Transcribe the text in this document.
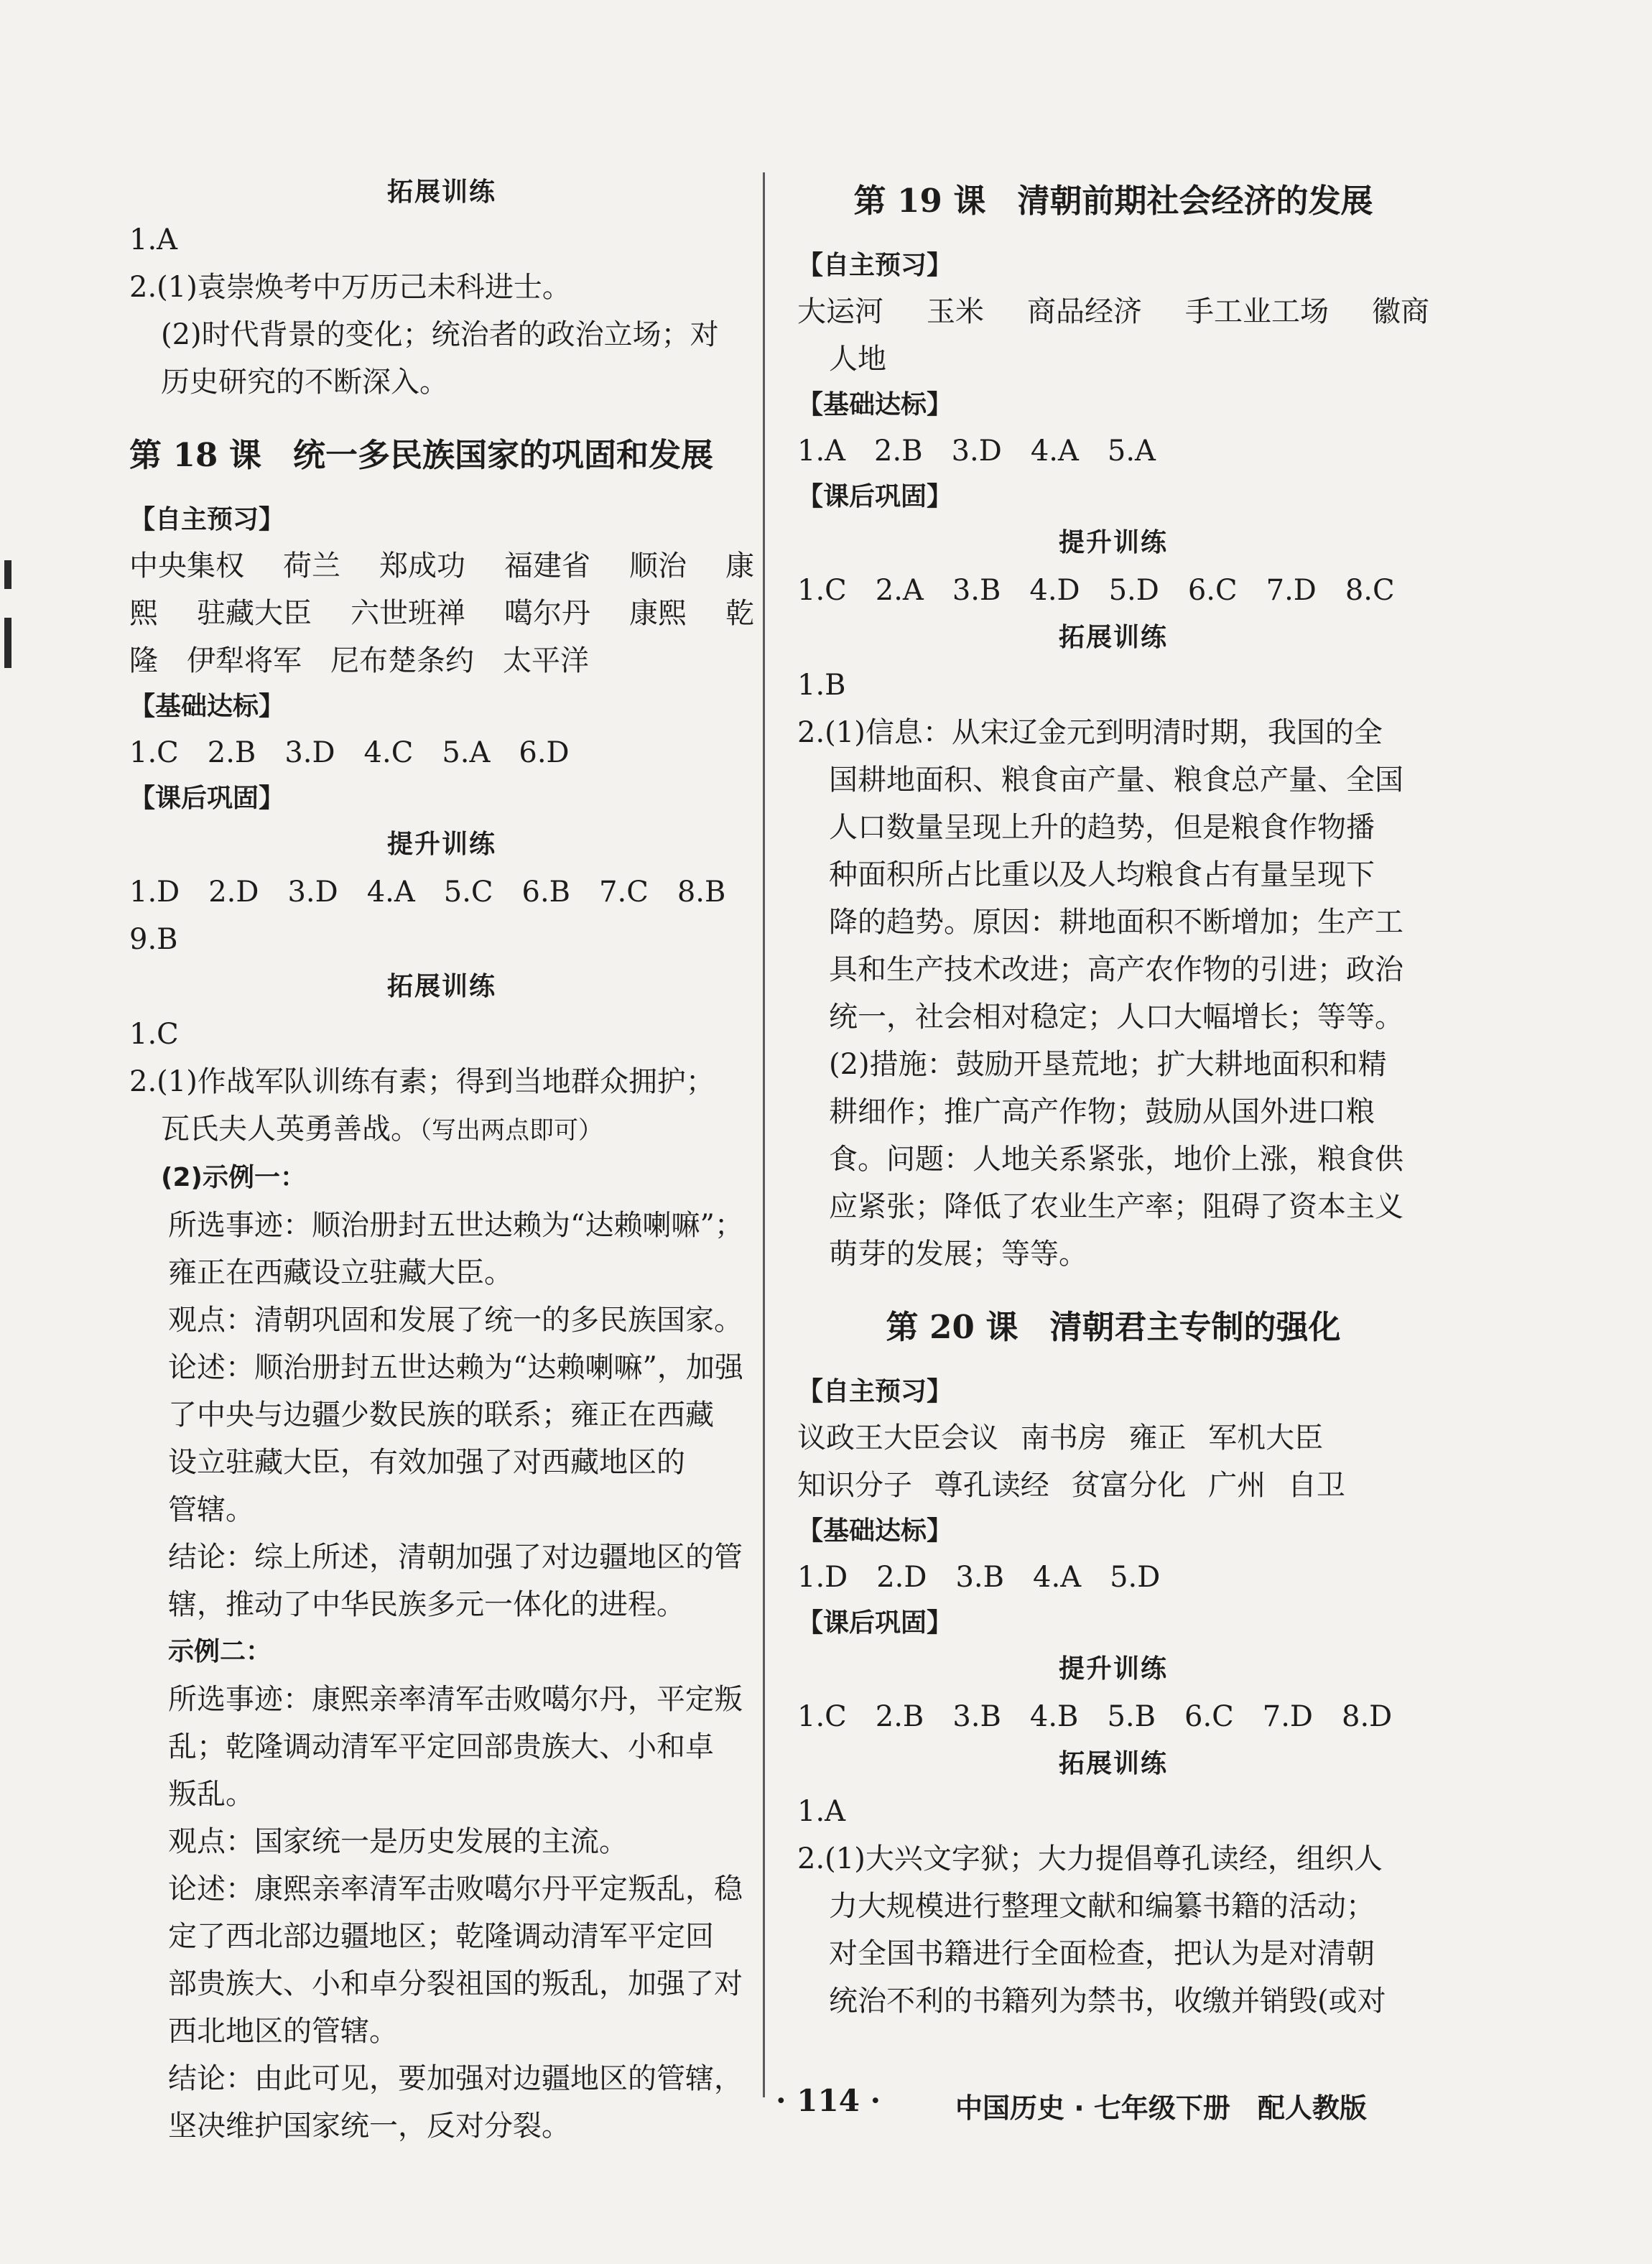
拓展训练
1.A
2.(1)袁崇焕考中万历己未科进士。
(2)时代背景的变化；统治者的政治立场；对
历史研究的不断深入。
第 18 课 统一多民族国家的巩固和发展
【自主预习】
中央集权 荷兰 郑成功 福建省 顺治 康
熙 驻藏大臣 六世班禅 噶尔丹 康熙 乾
隆　伊犁将军　尼布楚条约　太平洋
【基础达标】
1.C　2.B　3.D　4.C　5.A　6.D
【课后巩固】
提升训练
1.D　2.D　3.D　4.A　5.C　6.B　7.C　8.B
9.B
拓展训练
1.C
2.(1)作战军队训练有素；得到当地群众拥护；
瓦氏夫人英勇善战。（写出两点即可）
(2)示例一：
所选事迹：顺治册封五世达赖为“达赖喇嘛”；
雍正在西藏设立驻藏大臣。
观点：清朝巩固和发展了统一的多民族国家。
论述：顺治册封五世达赖为“达赖喇嘛”，加强
了中央与边疆少数民族的联系；雍正在西藏
设立驻藏大臣，有效加强了对西藏地区的
管辖。
结论：综上所述，清朝加强了对边疆地区的管
辖，推动了中华民族多元一体化的进程。
示例二：
所选事迹：康熙亲率清军击败噶尔丹，平定叛
乱；乾隆调动清军平定回部贵族大、小和卓
叛乱。
观点：国家统一是历史发展的主流。
论述：康熙亲率清军击败噶尔丹平定叛乱，稳
定了西北部边疆地区；乾隆调动清军平定回
部贵族大、小和卓分裂祖国的叛乱，加强了对
西北地区的管辖。
结论：由此可见，要加强对边疆地区的管辖，
坚决维护国家统一，反对分裂。
第 19 课 清朝前期社会经济的发展
【自主预习】
大运河 玉米 商品经济 手工业工场 徽商
人地
【基础达标】
1.A　2.B　3.D　4.A　5.A
【课后巩固】
提升训练
1.C　2.A　3.B　4.D　5.D　6.C　7.D　8.C
拓展训练
1.B
2.(1)信息：从宋辽金元到明清时期，我国的全
国耕地面积、粮食亩产量、粮食总产量、全国
人口数量呈现上升的趋势，但是粮食作物播
种面积所占比重以及人均粮食占有量呈现下
降的趋势。原因：耕地面积不断增加；生产工
具和生产技术改进；高产农作物的引进；政治
统一，社会相对稳定；人口大幅增长；等等。
(2)措施：鼓励开垦荒地；扩大耕地面积和精
耕细作；推广高产作物；鼓励从国外进口粮
食。问题：人地关系紧张，地价上涨，粮食供
应紧张；降低了农业生产率；阻碍了资本主义
萌芽的发展；等等。
第 20 课 清朝君主专制的强化
【自主预习】
议政王大臣会议 南书房 雍正 军机大臣
知识分子 尊孔读经 贫富分化 广州 自卫
【基础达标】
1.D　2.D　3.B　4.A　5.D
【课后巩固】
提升训练
1.C　2.B　3.B　4.B　5.B　6.C　7.D　8.D
拓展训练
1.A
2.(1)大兴文字狱；大力提倡尊孔读经，组织人
力大规模进行整理文献和编纂书籍的活动；
对全国书籍进行全面检查，把认为是对清朝
统治不利的书籍列为禁书，收缴并销毁(或对
· 114 ·	中国历史 · 七年级下册　配人教版
